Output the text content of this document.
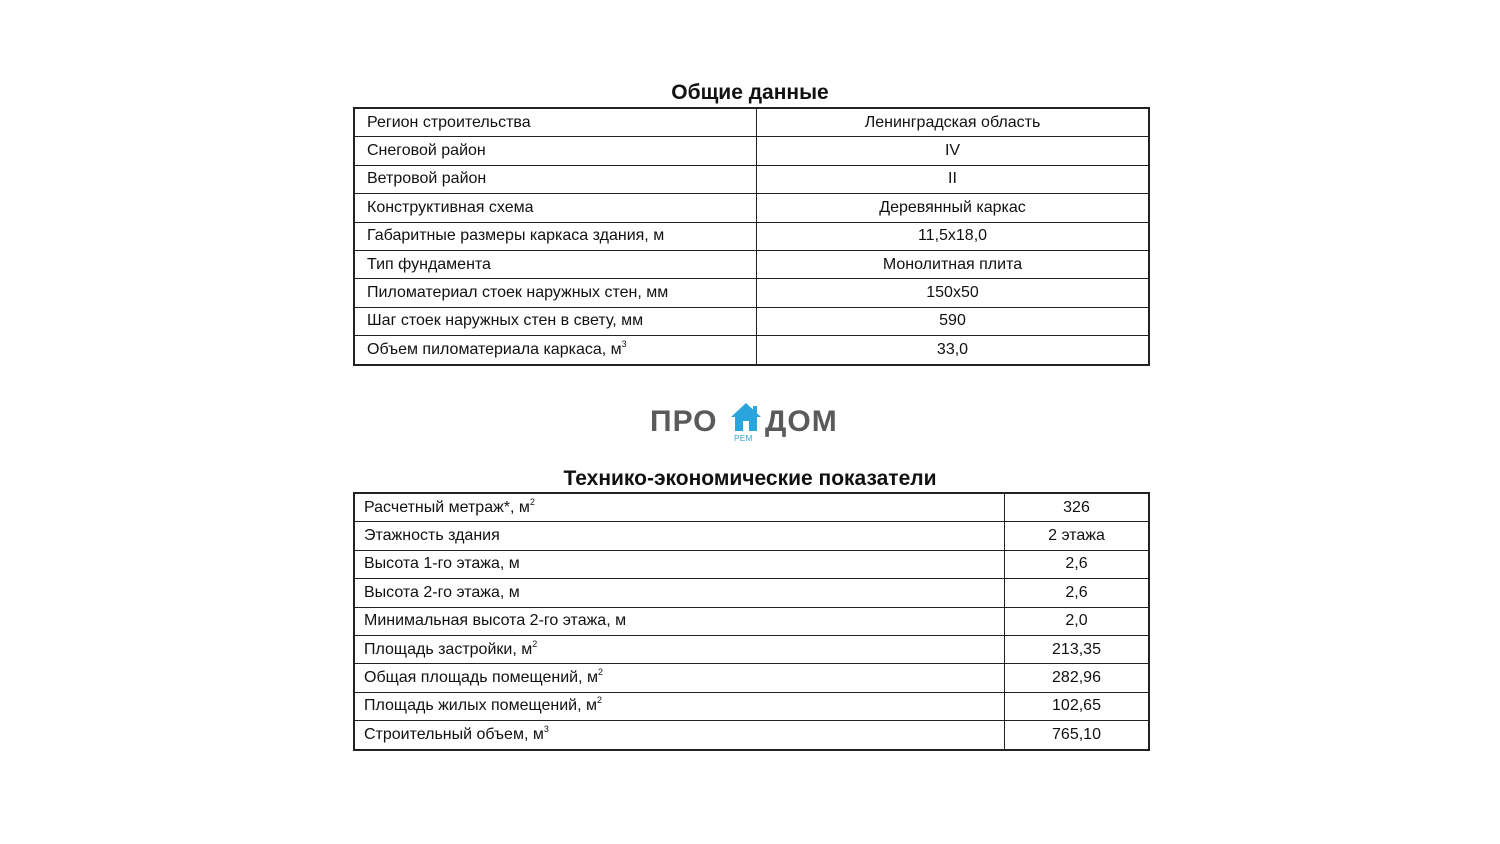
Общие данные
Регион строительства	Ленинградская область
Снеговой район	IV
Ветровой район	II
Конструктивная схема	Деревянный каркас
Габаритные размеры каркаса здания, м	11,5х18,0
Тип фундамента	Монолитная плита
Пиломатериал стоек наружных стен, мм	150х50
Шаг стоек наружных стен в свету, мм	590
Объем пиломатериала каркаса, $м^3$	33,0
ПРО
РЕМ
ДОМ
Технико-экономические показатели
Расчетный метраж*, $м^2$	326
Этажность здания	2 этажа
Высота 1-го этажа, м	2,6
Высота 2-го этажа, м	2,6
Минимальная высота 2-го этажа, м	2,0
Площадь застройки, $м^2$	213,35
Общая площадь помещений, $м^2$	282,96
Площадь жилых помещений, $м^2$	102,65
Строительный объем, $м^3$	765,10
